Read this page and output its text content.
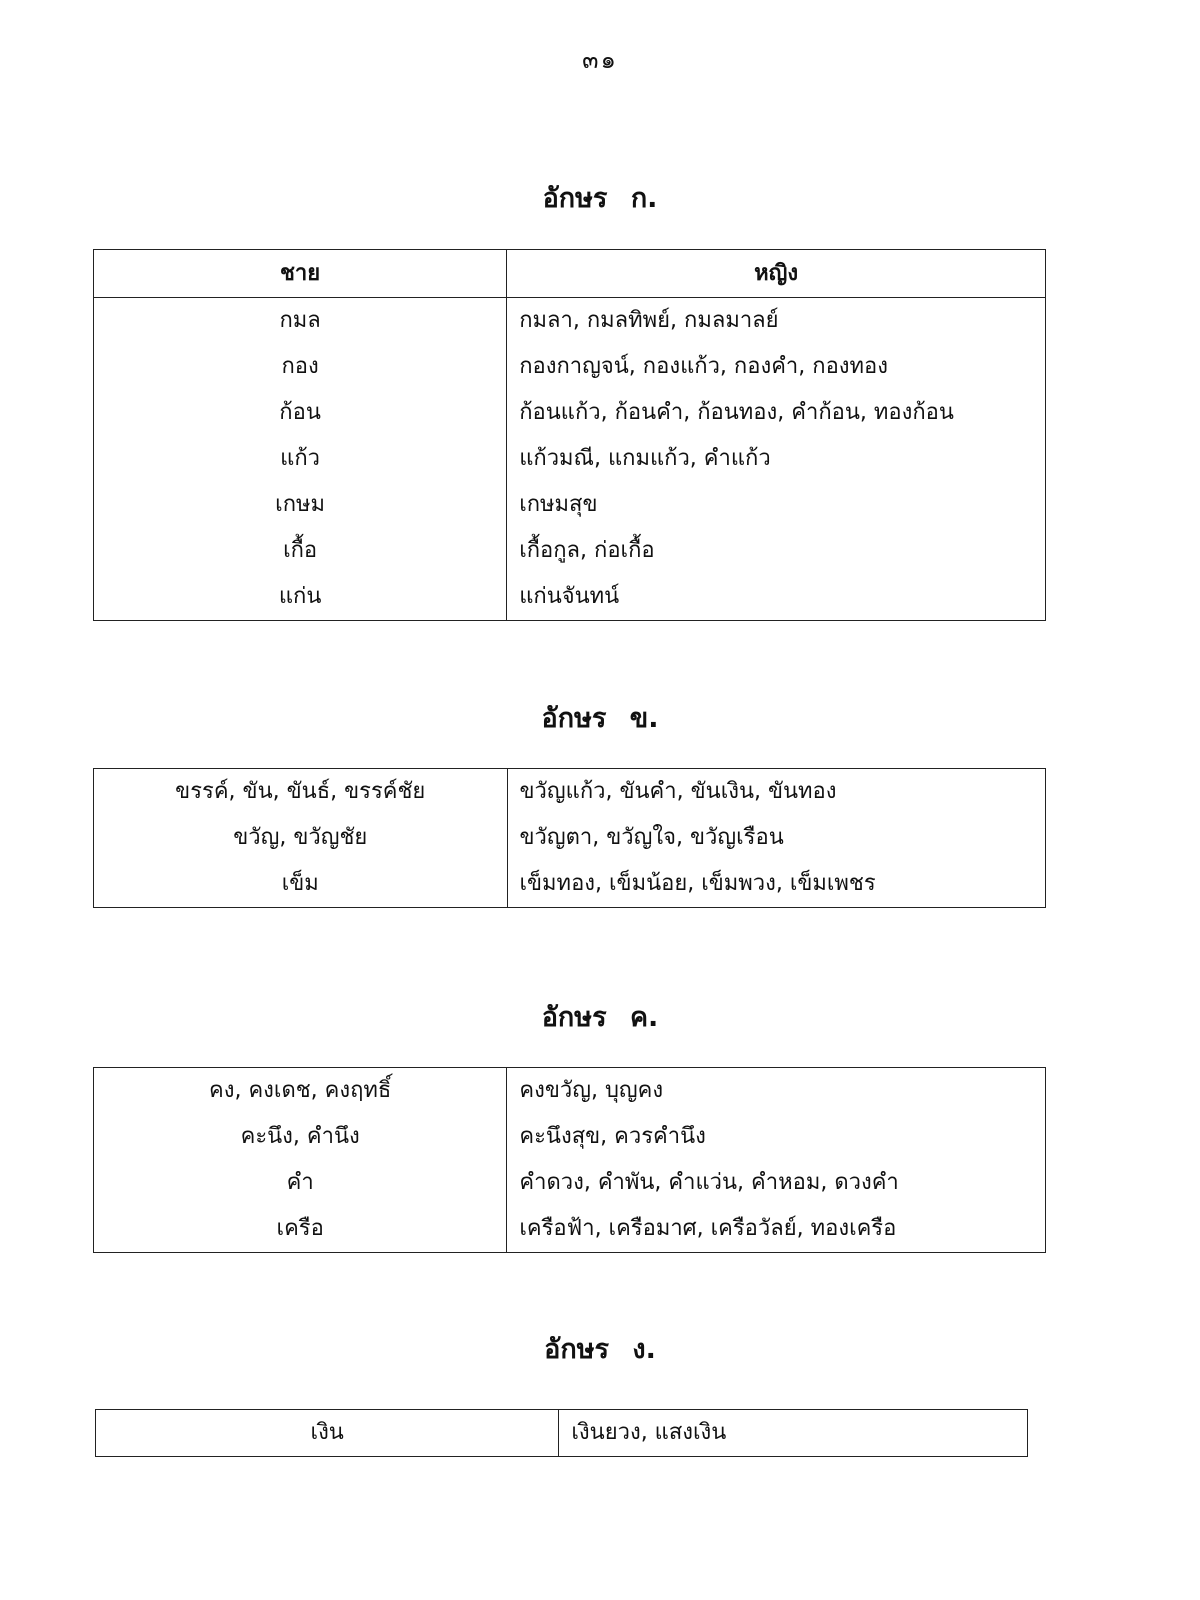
๓๑
อักษร ก.
ชาย	หญิง
กมล	กมลา, กมลทิพย์, กมลมาลย์
กอง	กองกาญจน์, กองแก้ว, กองคำ, กองทอง
ก้อน	ก้อนแก้ว, ก้อนคำ, ก้อนทอง, คำก้อน, ทองก้อน
แก้ว	แก้วมณี, แกมแก้ว, คำแก้ว
เกษม	เกษมสุข
เกื้อ	เกื้อกูล, ก่อเกื้อ
แก่น	แก่นจันทน์
อักษร ข.
ขรรค์, ขัน, ขันธ์, ขรรค์ชัย	ขวัญแก้ว, ขันคำ, ขันเงิน, ขันทอง
ขวัญ, ขวัญชัย	ขวัญตา, ขวัญใจ, ขวัญเรือน
เข็ม	เข็มทอง, เข็มน้อย, เข็มพวง, เข็มเพชร
อักษร ค.
คง, คงเดช, คงฤทธิ์	คงขวัญ, บุญคง
คะนึง, คำนึง	คะนึงสุข, ควรคำนึง
คำ	คำดวง, คำพัน, คำแว่น, คำหอม, ดวงคำ
เครือ	เครือฟ้า, เครือมาศ, เครือวัลย์, ทองเครือ
อักษร ง.
เงิน	เงินยวง, แสงเงิน
